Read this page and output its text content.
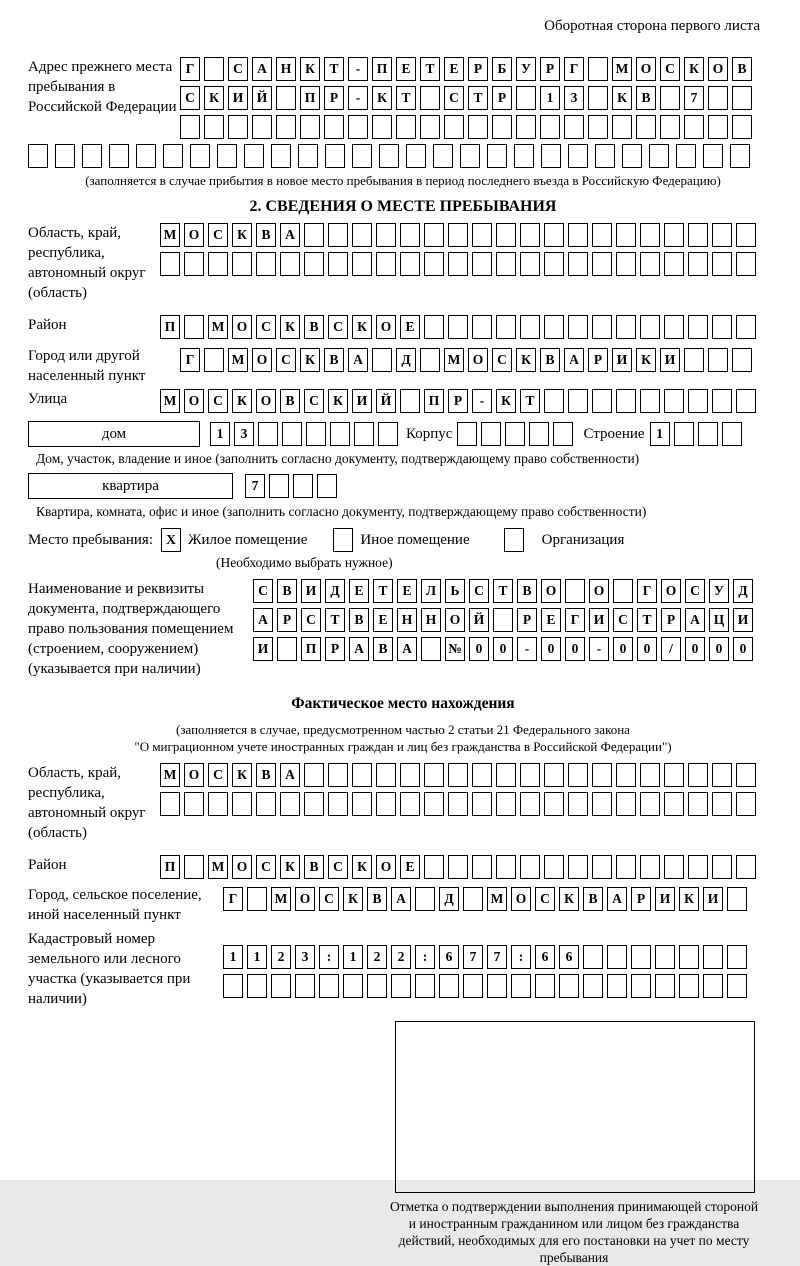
Оборотная сторона первого листа
Адрес прежнего места пребывания в Российской Федерации
Г	С	А	Н	К	Т	-	П	Е	Т	Е	Р	Б	У	Р	Г	М О	С	К	О	В
С	К	И Й	П	Р	-	К	Т	С	Т	Р	1	3	К	В	7
(заполняется в случае прибытия в новое место пребывания в период последнего въезда в Российскую Федерацию)
2. СВЕДЕНИЯ О МЕСТЕ ПРЕБЫВАНИЯ
Область, край, республика, автономный округ (область)
М О	С	К	В	А
Район	П	М О	С	К	В	С	К	О	Е
Город или другой населенный пункт
Г	М О	С	К	В	А	Д	М О	С	К	В	А	Р	И	К	И
Улица	М О	С	К	О	В	С	К	И Й	П	Р	-	К	Т
дом	1	3	Корпус	Строение 1
Дом, участок, владение и иное (заполнить согласно документу, подтверждающему право собственности)
квартира	7
Квартира, комната, офис и иное (заполнить согласно документу, подтверждающему право собственности)
Место пребывания: X Жилое помещение	Иное помещение	Организация
(Необходимо выбрать нужное)
Наименование и реквизиты документа, подтверждающего право пользования помещением (строением, сооружением) (указывается при наличии)
С	В	И	Д	Е	Т	Е	Л	Ь	С	Т	В	О	О	Г	О	С	У	Д
А	Р	С	Т	В	Е	Н Н О Й	Р	Е	Г	И	С	Т	Р	А	Ц И
И	П	Р	А	В	А	№	0	0	-	0	0	-	0	0	/	0	0	0
Фактическое место нахождения
(заполняется в случае, предусмотренном частью 2 статьи 21 Федерального закона
"О миграционном учете иностранных граждан и лиц без гражданства в Российской Федерации")
Область, край, республика, автономный округ (область)
М О	С	К	В	А
Район	П	М О	С	К	В	С	К	О	Е
Город, сельское поселение, иной населенный пункт
Г	М О	С	К	В	А	Д	М О	С	К	В	А	Р	И	К	И
Кадастровый номер земельного или лесного участка (указывается при наличии)
1	1	2	3	:	1	2	2	:	6	7	7	:	6	6
Отметка о подтверждении выполнения принимающей стороной и иностранным гражданином или лицом без гражданства действий, необходимых для его постановки на учет по месту пребывания
